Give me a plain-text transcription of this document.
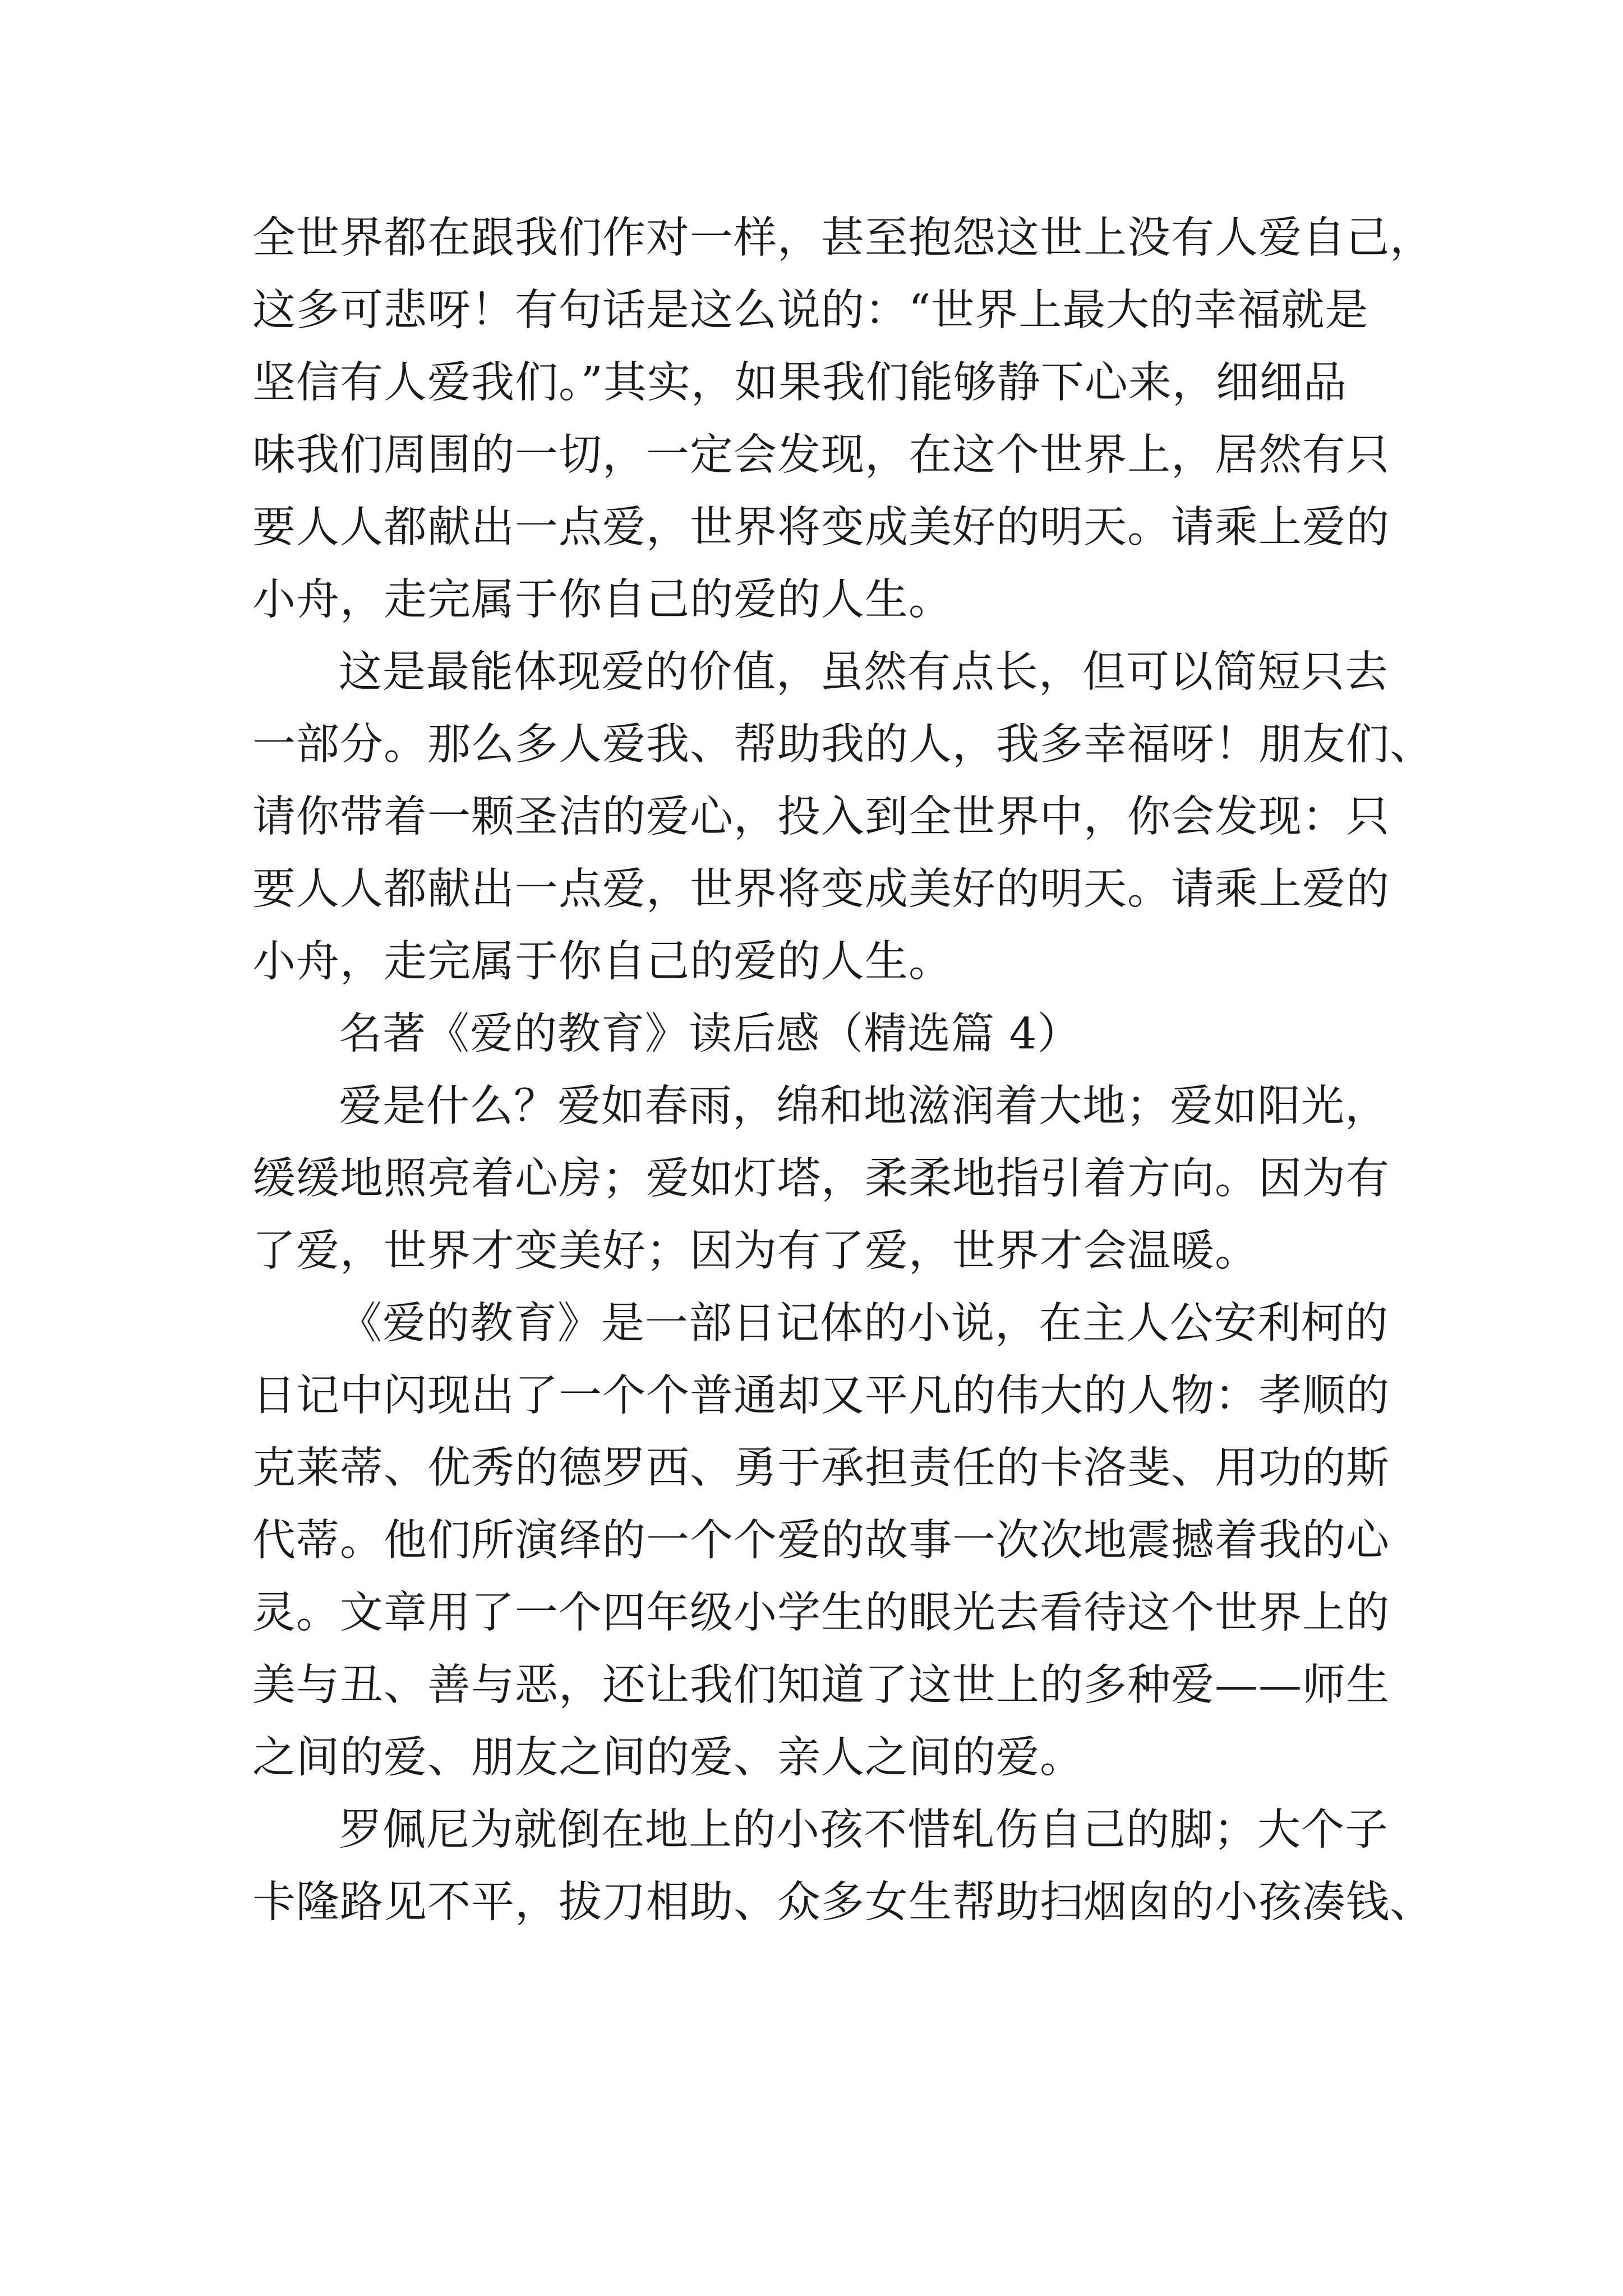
全世界都在跟我们作对一样，甚至抱怨这世上没有人爱自己，
这多可悲呀！有句话是这么说的：“世界上最大的幸福就是
坚信有人爱我们。”其实，如果我们能够静下心来，细细品
味我们周围的一切，一定会发现，在这个世界上，居然有只
要人人都献出一点爱，世界将变成美好的明天。请乘上爱的
小舟，走完属于你自己的爱的人生。
这是最能体现爱的价值，虽然有点长，但可以简短只去
一部分。那么多人爱我、帮助我的人，我多幸福呀！朋友们、
请你带着一颗圣洁的爱心，投入到全世界中，你会发现：只
要人人都献出一点爱，世界将变成美好的明天。请乘上爱的
小舟，走完属于你自己的爱的人生。
名著《爱的教育》读后感（精选篇 4）
爱是什么？爱如春雨，绵和地滋润着大地；爱如阳光，
缓缓地照亮着心房；爱如灯塔，柔柔地指引着方向。因为有
了爱，世界才变美好；因为有了爱，世界才会温暖。
《爱的教育》是一部日记体的小说，在主人公安利柯的
日记中闪现出了一个个普通却又平凡的伟大的人物：孝顺的
克莱蒂、优秀的德罗西、勇于承担责任的卡洛斐、用功的斯
代蒂。他们所演绎的一个个爱的故事一次次地震撼着我的心
灵。文章用了一个四年级小学生的眼光去看待这个世界上的
美与丑、善与恶，还让我们知道了这世上的多种爱——师生
之间的爱、朋友之间的爱、亲人之间的爱。
罗佩尼为就倒在地上的小孩不惜轧伤自己的脚；大个子
卡隆路见不平，拔刀相助、众多女生帮助扫烟囱的小孩凑钱、
